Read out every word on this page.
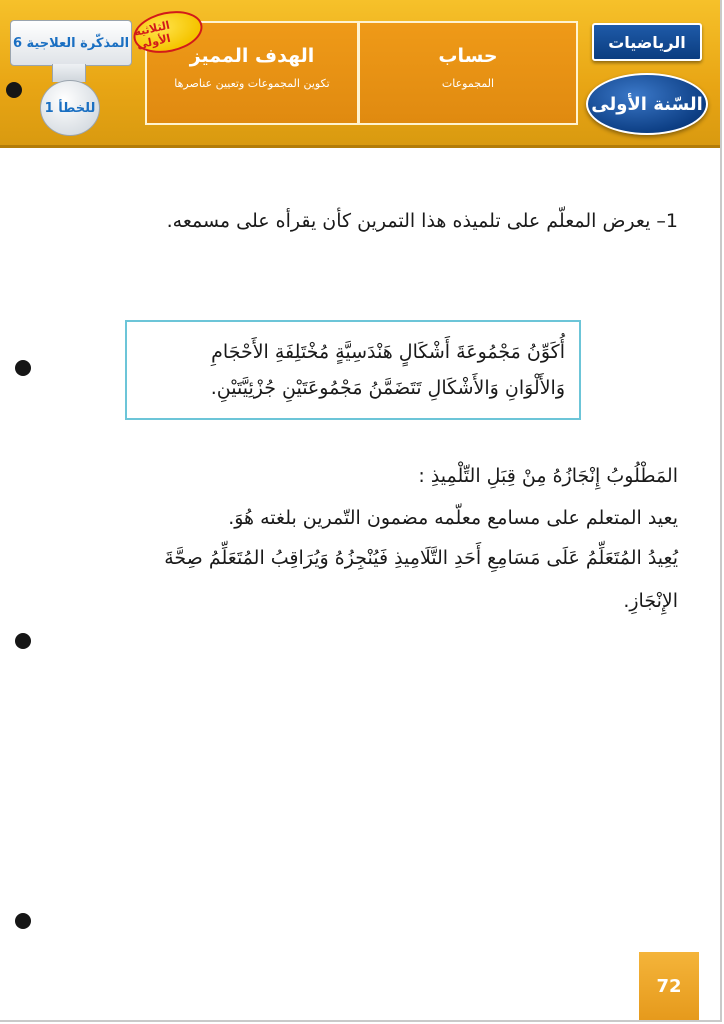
الرياضيات
السّنة الأولى
حساب
المجموعات
الهدف المميز
تكوين المجموعات وتعيين عناصرها
الثلاثية الأولى
المذكّرة العلاجية 6
للخطأ 1
1– يعرض المعلّم على تلميذه هذا التمرين كأن يقرأه على مسمعه.
أُكَوِّنُ مَجْمُوعَةَ أَشْكَالٍ هَنْدَسِيَّةٍ مُخْتَلِفَةِ الأَحْجَامِ
وَالأَلْوَانِ وَالأَشْكَالِ تَتَضَمَّنُ مَجْمُوعَتَيْنِ جُزْئِيَّتَيْنِ.
المَطْلُوبُ إِنْجَازُهُ مِنْ قِبَلِ التِّلْمِيذِ :
يعيد المتعلم على مسامع معلّمه مضمون التّمرين بلغته هُوَ.
يُعِيدُ المُتَعَلِّمُ عَلَى مَسَامِعِ أَحَدِ التَّلَامِيذِ فَيُنْجِزُهُ وَيُرَاقِبُ المُتَعَلِّمُ صِحَّةَ
الإِنْجَازِ.
72
